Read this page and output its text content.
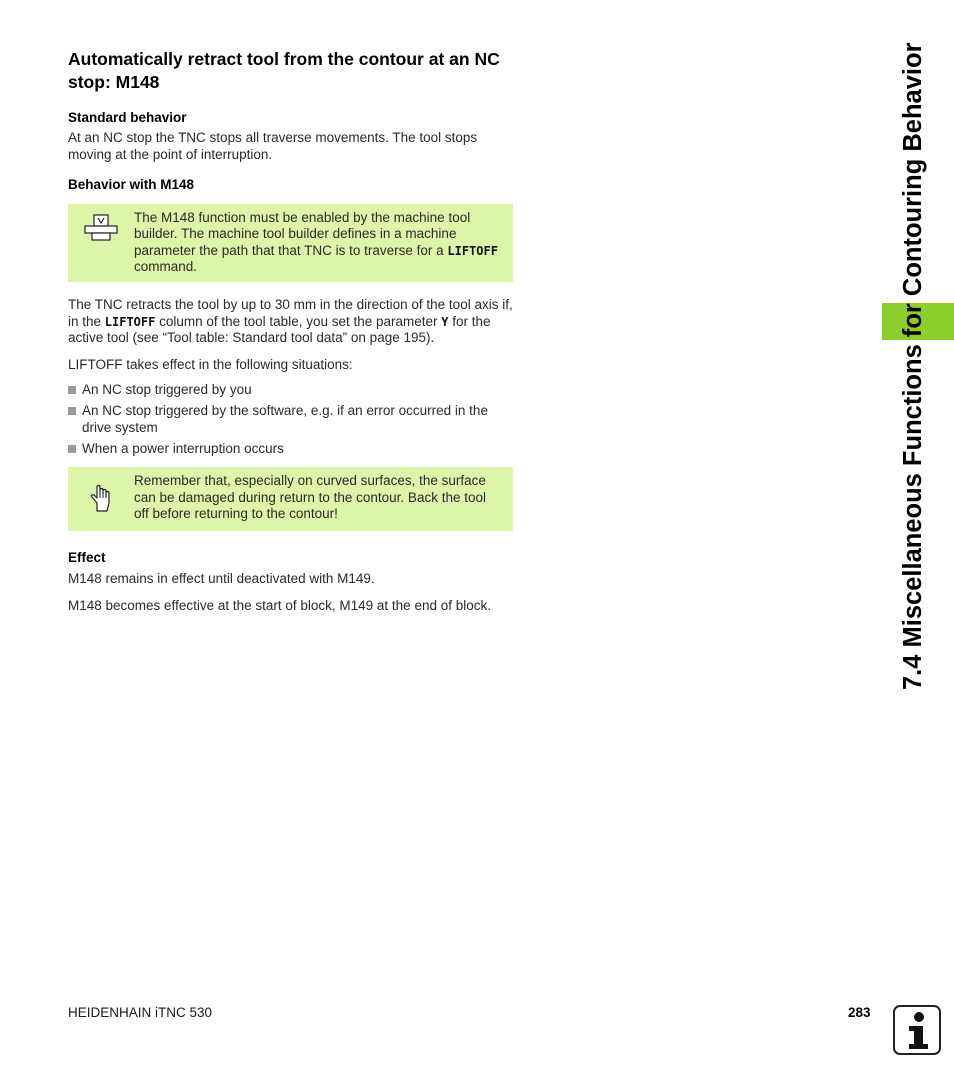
Automatically retract tool from the contour at an NC stop: M148
Standard behavior

At an NC stop the TNC stops all traverse movements. The tool stops moving at the point of interruption.

Behavior with M148
The M148 function must be enabled by the machine tool builder. The machine tool builder defines in a machine parameter the path that that TNC is to traverse for a LIFTOFF command.

The TNC retracts the tool by up to 30 mm in the direction of the tool axis if, in the LIFTOFF column of the tool table, you set the parameter Y for the active tool (see “Tool table: Standard tool data” on page 195).

LIFTOFF takes effect in the following situations:

An NC stop triggered by you
An NC stop triggered by the software, e.g. if an error occurred in the drive system
When a power interruption occurs
Remember that, especially on curved surfaces, the surface can be damaged during return to the contour. Back the tool off before returning to the contour!
Effect

M148 remains in effect until deactivated with M149.

M148 becomes effective at the start of block, M149 at the end of block.	7.4 Miscellaneous Functions for Contouring Behavior
HEIDENHAIN iTNC 530	283
